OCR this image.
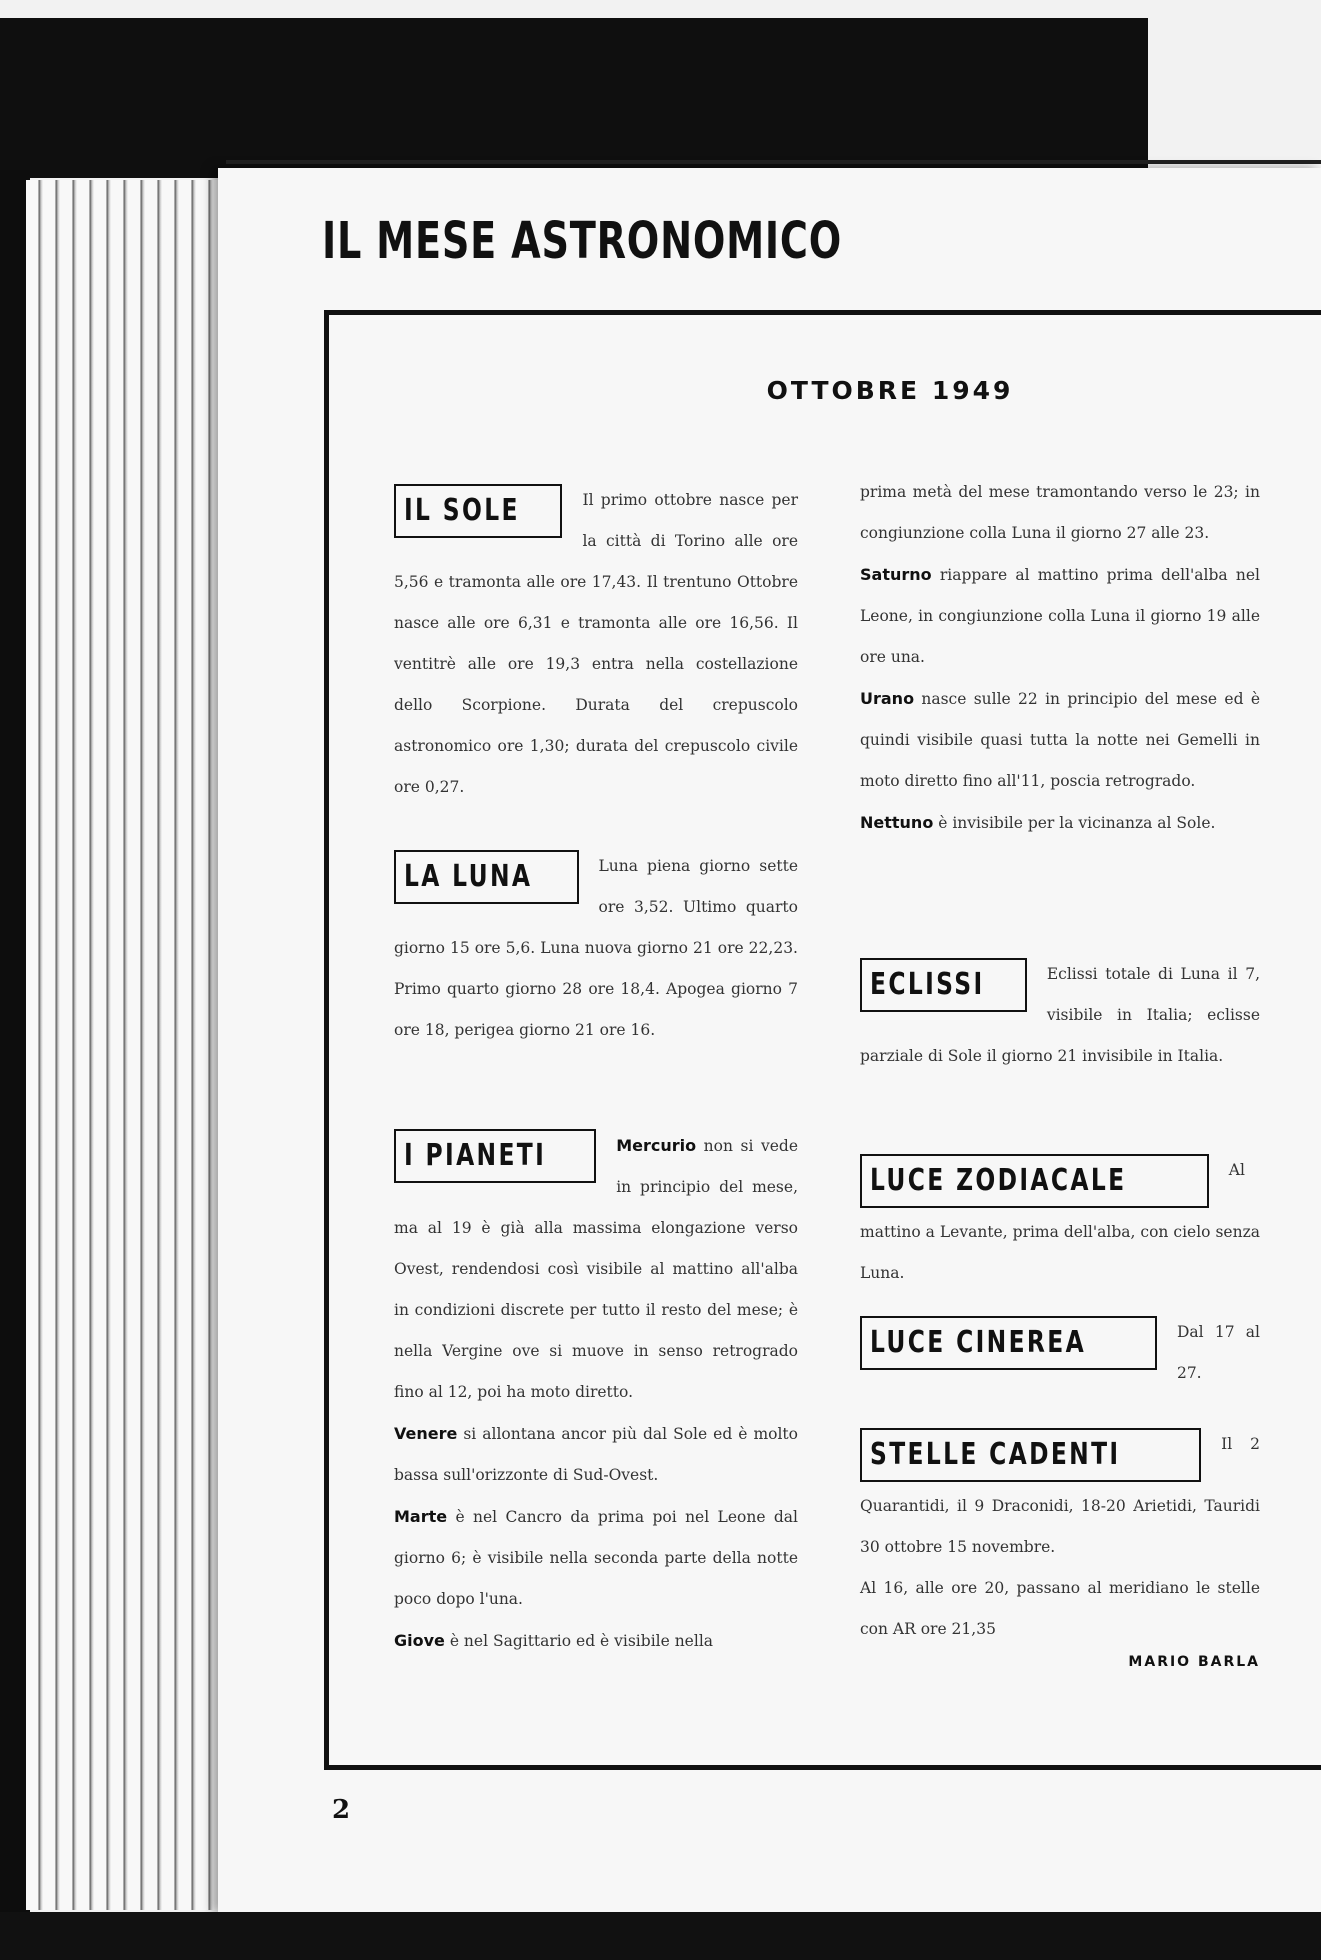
IL MESE ASTRONOMICO
OTTOBRE 1949
IL SOLE	Il primo ottobre nasce per la città di Torino alle ore 5,56 e tramonta alle ore 17,43. Il trentuno Ottobre nasce alle ore 6,31 e tramonta alle ore 16,56. Il ventitrè alle ore 19,3 entra nella costellazione dello Scorpione. Durata del crepuscolo astronomico ore 1,30; durata del crepuscolo civile ore 0,27.

LA LUNA	Luna piena giorno sette ore 3,52. Ultimo quarto giorno 15 ore 5,6. Luna nuova giorno 21 ore 22,23. Primo quarto giorno 28 ore 18,4. Apogea giorno 7 ore 18, perigea giorno 21 ore 16.

I PIANETI	Mercurio non si vede in principio del mese, ma al 19 è già alla massima elongazione verso Ovest, rendendosi così visibile al mattino all'alba in condizioni discrete per tutto il resto del mese; è nella Vergine ove si muove in senso retrogrado fino al 12, poi ha moto diretto.

Venere si allontana ancor più dal Sole ed è molto bassa sull'orizzonte di Sud-Ovest.

Marte è nel Cancro da prima poi nel Leone dal giorno 6; è visibile nella seconda parte della notte poco dopo l'una.

Giove è nel Sagittario ed è visibile nella

prima metà del mese tramontando verso le 23; in congiunzione colla Luna il giorno 27 alle 23.

Saturno riappare al mattino prima dell'alba nel Leone, in congiunzione colla Luna il giorno 19 alle ore una.

Urano nasce sulle 22 in principio del mese ed è quindi visibile quasi tutta la notte nei Gemelli in moto diretto fino all'11, poscia retrogrado.

Nettuno è invisibile per la vicinanza al Sole.

ECLISSI	Eclissi totale di Luna il 7, visibile in Italia; eclisse parziale di Sole il giorno 21 invisibile in Italia.

LUCE ZODIACALE	Al mattino a Levante, prima dell'alba, con cielo senza Luna.

LUCE CINEREA	Dal 17 al 27.

STELLE CADENTI	Il 2 Quarantidi, il 9 Draconidi, 18-20 Arietidi, Tauridi 30 ottobre 15 novembre.

Al 16, alle ore 20, passano al meridiano le stelle con AR ore 21,35

MARIO BARLA
2
